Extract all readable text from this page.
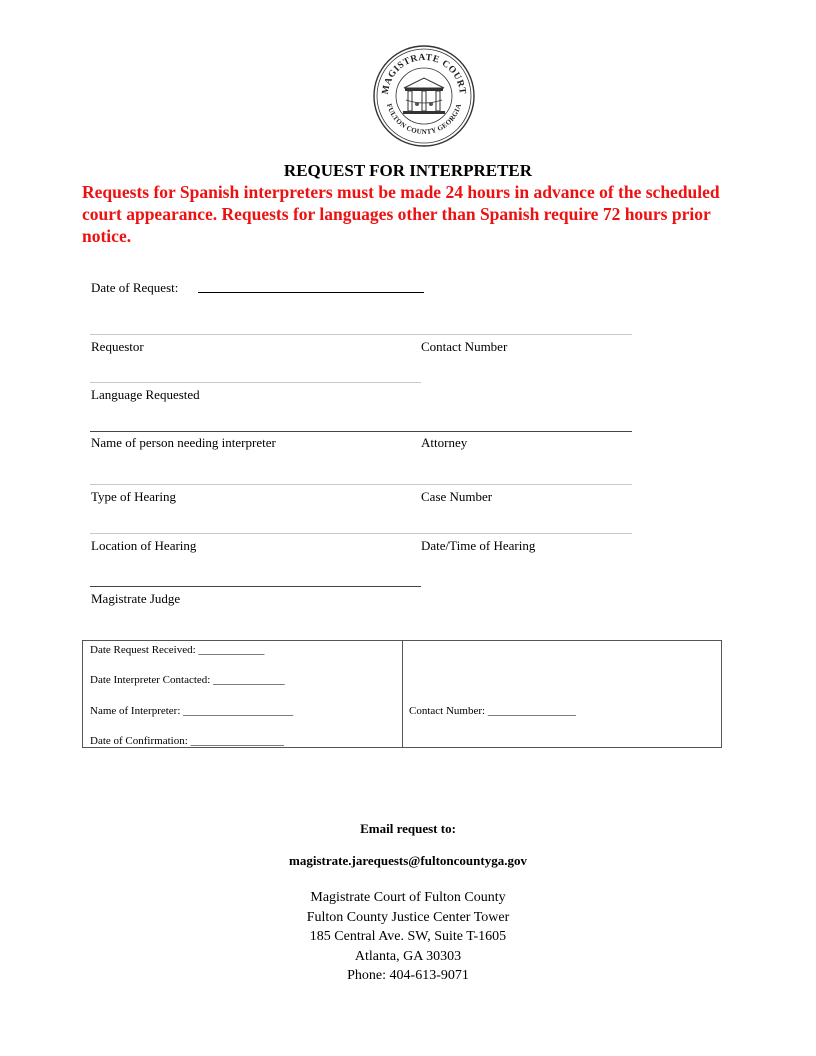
MAGISTRATE COURT
FULTON COUNTY GEORGIA
REQUEST FOR INTERPRETER
Requests for Spanish interpreters must be made 24 hours in advance of the scheduled court appearance. Requests for languages other than Spanish require 72 hours prior notice.
Date of Request:
Requestor	Contact Number
Language Requested
Name of person needing interpreter	Attorney
Type of Hearing	Case Number
Location of Hearing	Date/Time of Hearing
Magistrate Judge
Date Request Received: ____________
Date Interpreter Contacted: _____________
Name of Interpreter: ____________________
Date of Confirmation: _________________
Contact Number: ________________
Email request to:
magistrate.jarequests@fultoncountyga.gov
Magistrate Court of Fulton County
Fulton County Justice Center Tower
185 Central Ave. SW, Suite T-1605
Atlanta, GA 30303
Phone: 404-613-9071
